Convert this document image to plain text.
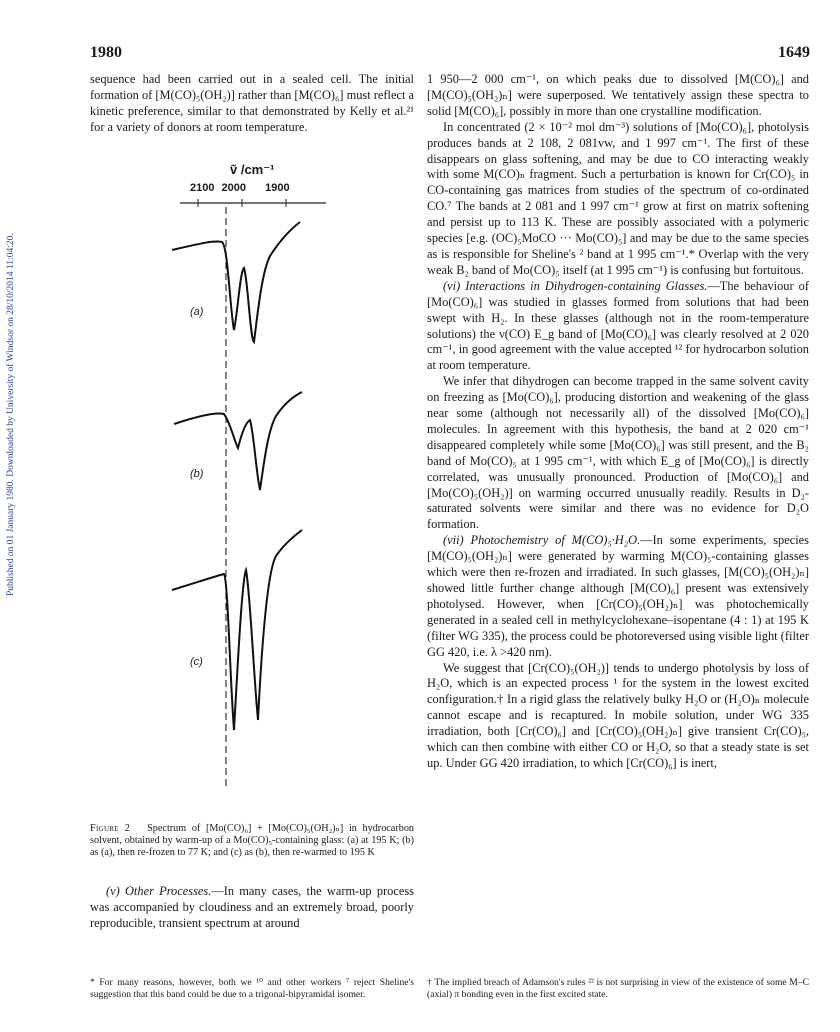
Published on 01 January 1980. Downloaded by University of Windsor on 28/10/2014 11:04:20.
1980	1649

sequence had been carried out in a sealed cell. The initial formation of [M(CO)₅(OH₂)] rather than [M(CO)₆] must reflect a kinetic preference, similar to that demonstrated by Kelly et al.²¹ for a variety of donors at room temperature.

ṽ /cm⁻¹
2100 2000 1900
(a)
(b)
(c)
Figure 2 Spectrum of [Mo(CO)₆] + [Mo(CO)₅(OH₂)ₙ] in hydrocarbon solvent, obtained by warm-up of a Mo(CO)₅-containing glass: (a) at 195 K; (b) as (a), then re-frozen to 77 K; and (c) as (b), then re-warmed to 195 K

(v) Other Processes.—In many cases, the warm-up process was accompanied by cloudiness and an extremely broad, poorly reproducible, transient spectrum at around

* For many reasons, however, both we ¹⁰ and other workers ⁷ reject Sheline's suggestion that this band could be due to a trigonal-bipyramidal isomer.

1 950—2 000 cm⁻¹, on which peaks due to dissolved [M(CO)₆] and [M(CO)₅(OH₂)ₙ] were superposed. We tentatively assign these spectra to solid [M(CO)₆], possibly in more than one crystalline modification.

In concentrated (2 × 10⁻² mol dm⁻³) solutions of [Mo(CO)₆], photolysis produces bands at 2 108, 2 081vw, and 1 997 cm⁻¹. The first of these disappears on glass softening, and may be due to CO interacting weakly with some M(CO)ₙ fragment. Such a perturbation is known for Cr(CO)₅ in CO-containing gas matrices from studies of the spectrum of co-ordinated CO.⁷ The bands at 2 081 and 1 997 cm⁻¹ grow at first on matrix softening and persist up to 113 K. These are possibly associated with a polymeric species [e.g. (OC)₅MoCO ··· Mo(CO)₅] and may be due to the same species as is responsible for Sheline's ² band at 1 995 cm⁻¹.* Overlap with the very weak B₂ band of Mo(CO)₅ itself (at 1 995 cm⁻¹) is confusing but fortuitous.

(vi) Interactions in Dihydrogen-containing Glasses.—The behaviour of [Mo(CO)₆] was studied in glasses formed from solutions that had been swept with H₂. In these glasses (although not in the room-temperature solutions) the ν(CO) E_g band of [Mo(CO)₆] was clearly resolved at 2 020 cm⁻¹, in good agreement with the value accepted ¹² for hydrocarbon solution at room temperature.

We infer that dihydrogen can become trapped in the same solvent cavity on freezing as [Mo(CO)₆], producing distortion and weakening of the glass near some (although not necessarily all) of the dissolved [Mo(CO)₆] molecules. In agreement with this hypothesis, the band at 2 020 cm⁻¹ disappeared completely while some [Mo(CO)₆] was still present, and the B₂ band of Mo(CO)₅ at 1 995 cm⁻¹, with which E_g of [Mo(CO)₆] is directly correlated, was unusually pronounced. Production of [Mo(CO)₆] and [Mo(CO)₅(OH₂)] on warming occurred unusually readily. Results in D₂-saturated solvents were similar and there was no evidence for D₂O formation.

(vii) Photochemistry of M(CO)₅·H₂O.—In some experiments, species [M(CO)₅(OH₂)ₙ] were generated by warming M(CO)₅-containing glasses which were then re-frozen and irradiated. In such glasses, [M(CO)₅(OH₂)ₙ] showed little further change although [M(CO)₆] present was extensively photolysed. However, when [Cr(CO)₅(OH₂)ₙ] was photochemically generated in a sealed cell in methylcyclohexane–isopentane (4 : 1) at 195 K (filter WG 335), the process could be photoreversed using visible light (filter GG 420, i.e. λ >420 nm).

We suggest that [Cr(CO)₅(OH₂)] tends to undergo photolysis by loss of H₂O, which is an expected process ¹ for the system in the lowest excited configuration.† In a rigid glass the relatively bulky H₂O or (H₂O)ₙ molecule cannot escape and is recaptured. In mobile solution, under WG 335 irradiation, both [Cr(CO)₆] and [Cr(CO)₅(OH₂)ₙ] give transient Cr(CO)₅, which can then combine with either CO or H₂O, so that a steady state is set up. Under GG 420 irradiation, to which [Cr(CO)₆] is inert,

† The implied breach of Adamson's rules ²² is not surprising in view of the existence of some M–C (axial) π bonding even in the first excited state.
